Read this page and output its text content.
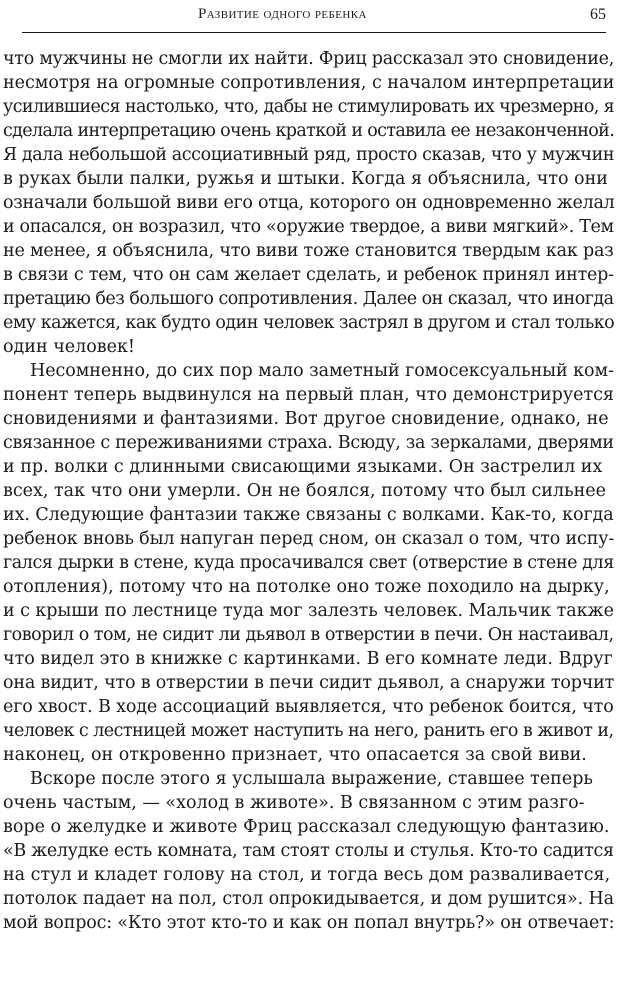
Развитие одного ребенка	65
что мужчины не смогли их найти. Фриц рассказал это сновидение,
несмотря на огромные сопротивления, с началом интерпретации
усилившиеся настолько, что, дабы не стимулировать их чрезмерно, я
сделала интерпретацию очень краткой и оставила ее незаконченной.
Я дала небольшой ассоциативный ряд, просто сказав, что у мужчин
в руках были палки, ружья и штыки. Когда я объяснила, что они
означали большой виви его отца, которого он одновременно желал
и опасался, он возразил, что «оружие твердое, а виви мягкий». Тем
не менее, я объяснила, что виви тоже становится твердым как раз
в связи с тем, что он сам желает сделать, и ребенок принял интер-
претацию без большого сопротивления. Далее он сказал, что иногда
ему кажется, как будто один человек застрял в другом и стал только
один человек!
Несомненно, до сих пор мало заметный гомосексуальный ком-
понент теперь выдвинулся на первый план, что демонстрируется
сновидениями и фантазиями. Вот другое сновидение, однако, не
связанное с переживаниями страха. Всюду, за зеркалами, дверями
и пр. волки с длинными свисающими языками. Он застрелил их
всех, так что они умерли. Он не боялся, потому что был сильнее
их. Следующие фантазии также связаны с волками. Как-то, когда
ребенок вновь был напуган перед сном, он сказал о том, что испу-
гался дырки в стене, куда просачивался свет (отверстие в стене для
отопления), потому что на потолке оно тоже походило на дырку,
и с крыши по лестнице туда мог залезть человек. Мальчик также
говорил о том, не сидит ли дьявол в отверстии в печи. Он настаивал,
что видел это в книжке с картинками. В его комнате леди. Вдруг
она видит, что в отверстии в печи сидит дьявол, а снаружи торчит
его хвост. В ходе ассоциаций выявляется, что ребенок боится, что
человек с лестницей может наступить на него, ранить его в живот и,
наконец, он откровенно признает, что опасается за свой виви.
Вскоре после этого я услышала выражение, ставшее теперь
очень частым, — «холод в животе». В связанном с этим разго-
воре о желудке и животе Фриц рассказал следующую фантазию.
«В желудке есть комната, там стоят столы и стулья. Кто-то садится
на стул и кладет голову на стол, и тогда весь дом разваливается,
потолок падает на пол, стол опрокидывается, и дом рушится». На
мой вопрос: «Кто этот кто-то и как он попал внутрь?» он отвечает:
